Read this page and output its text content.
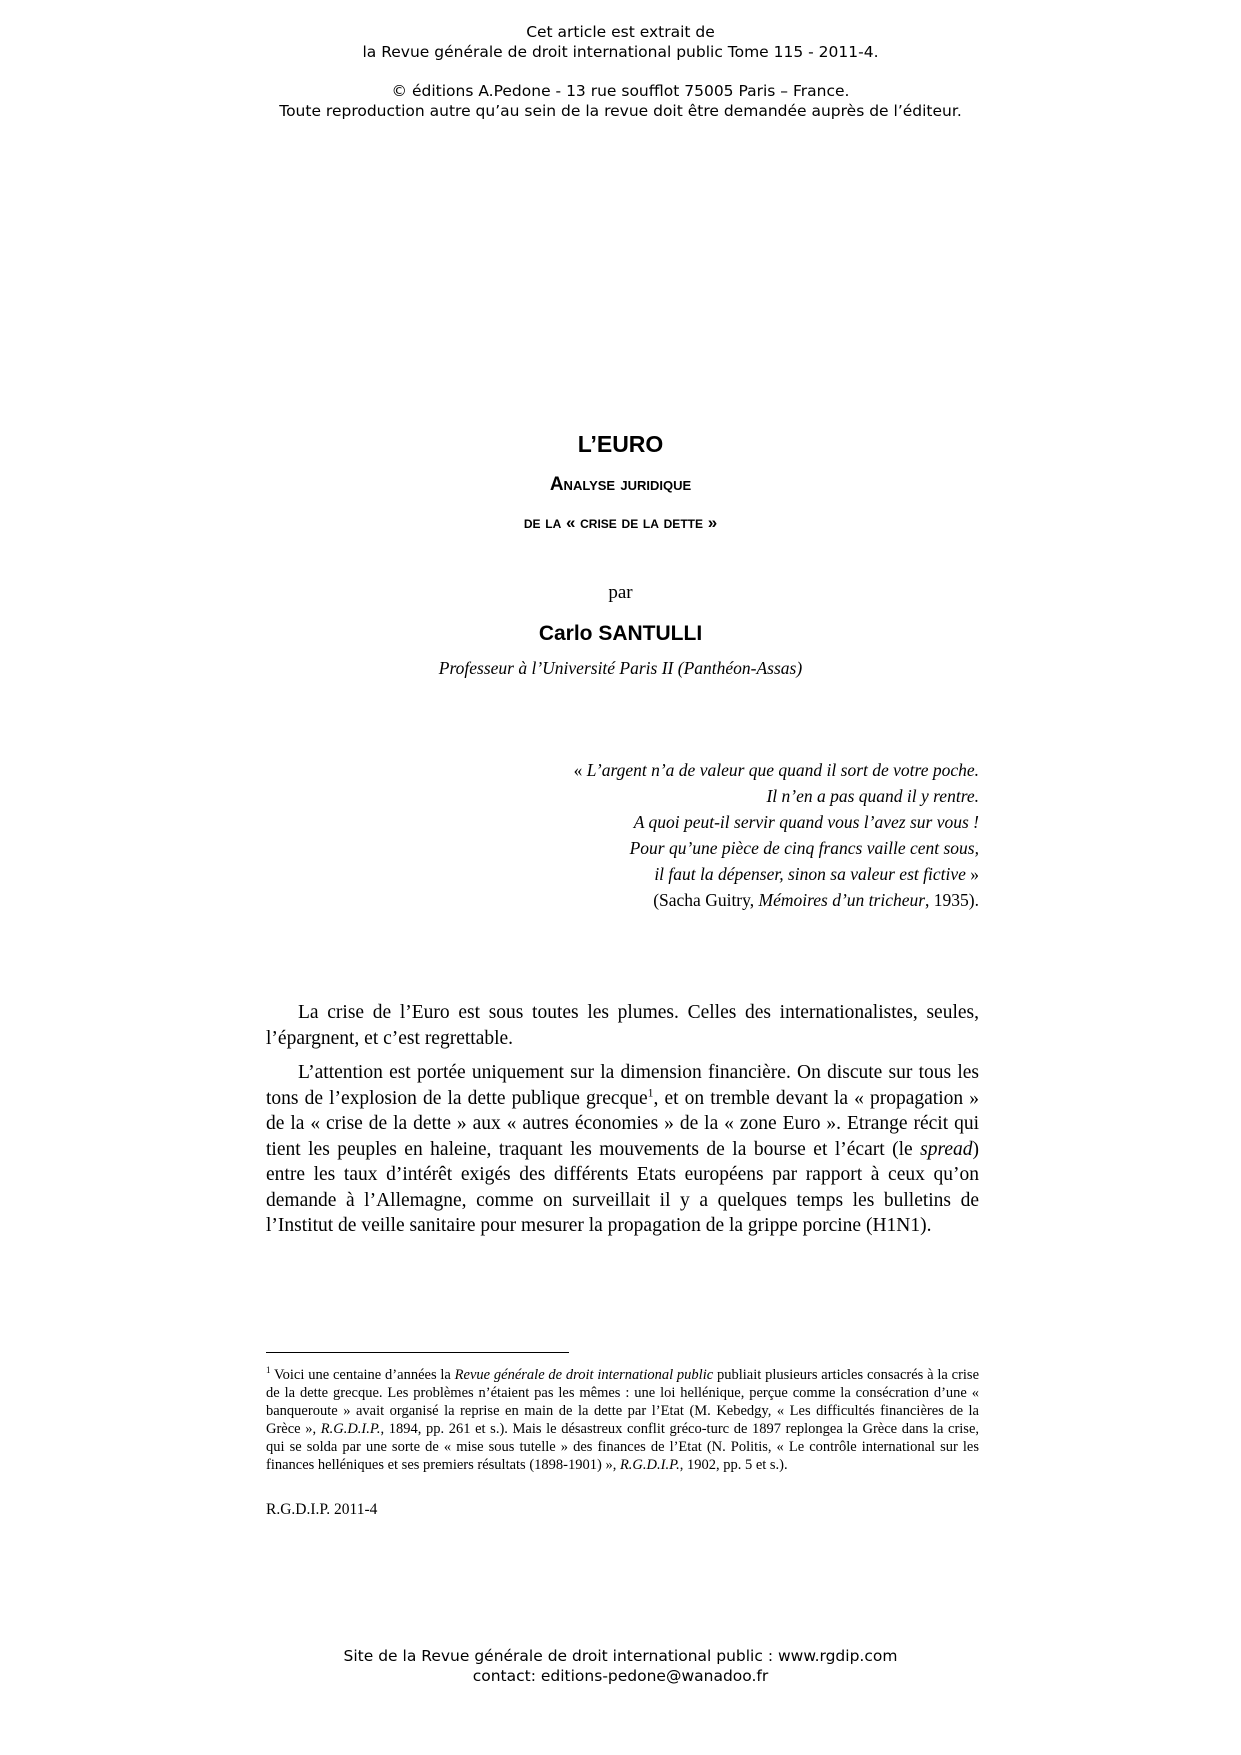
Cet article est extrait de
la Revue générale de droit international public Tome 115 - 2011-4.
© éditions A.Pedone - 13 rue soufflot 75005 Paris – France.
Toute reproduction autre qu’au sein de la revue doit être demandée auprès de l’éditeur.
L’EURO
Analyse juridique
de la « crise de la dette »
par
Carlo SANTULLI
Professeur à l’Université Paris II (Panthéon-Assas)
« L’argent n’a de valeur que quand il sort de votre poche.
Il n’en a pas quand il y rentre.
A quoi peut-il servir quand vous l’avez sur vous !
Pour qu’une pièce de cinq francs vaille cent sous,
il faut la dépenser, sinon sa valeur est fictive »
(Sacha Guitry, Mémoires d’un tricheur, 1935).

La crise de l’Euro est sous toutes les plumes. Celles des internationalistes, seules, l’épargnent, et c’est regrettable.

L’attention est portée uniquement sur la dimension financière. On discute sur tous les tons de l’explosion de la dette publique grecque$^1$, et on tremble devant la « propagation » de la « crise de la dette » aux « autres économies » de la « zone Euro ». Etrange récit qui tient les peuples en haleine, traquant les mouvements de la bourse et l’écart (le spread) entre les taux d’intérêt exigés des différents Etats européens par rapport à ceux qu’on demande à l’Allemagne, comme on surveillait il y a quelques temps les bulletins de l’Institut de veille sanitaire pour mesurer la propagation de la grippe porcine (H1N1).

$^1$ Voici une centaine d’années la Revue générale de droit international public publiait plusieurs articles consacrés à la crise de la dette grecque. Les problèmes n’étaient pas les mêmes : une loi hellénique, perçue comme la consécration d’une « banqueroute » avait organisé la reprise en main de la dette par l’Etat (M. Kebedgy, « Les difficultés financières de la Grèce », R.G.D.I.P., 1894, pp. 261 et s.). Mais le désastreux conflit gréco-turc de 1897 replongea la Grèce dans la crise, qui se solda par une sorte de « mise sous tutelle » des finances de l’Etat (N. Politis, « Le contrôle international sur les finances helléniques et ses premiers résultats (1898-1901) », R.G.D.I.P., 1902, pp. 5 et s.).
R.G.D.I.P. 2011-4
Site de la Revue générale de droit international public : www.rgdip.com
contact: editions-pedone@wanadoo.fr
